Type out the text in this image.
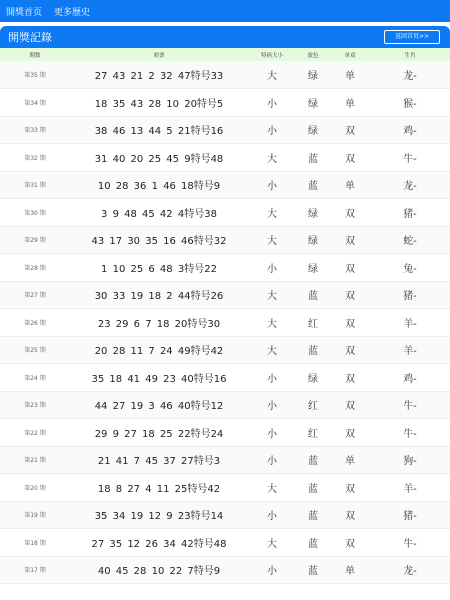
開獎首页 更多歷史
開獎記錄	返回首页>>
期数	彩票	特码大小	波色	单双	生肖
第35 期	27 43 21 2 32 47特号33	大	绿	单	龙-
第34 期	18 35 43 28 10 20特号5	小	绿	单	猴-
第33 期	38 46 13 44 5 21特号16	小	绿	双	鸡-
第32 期	31 40 20 25 45 9特号48	大	蓝	双	牛-
第31 期	10 28 36 1 46 18特号9	小	蓝	单	龙-
第30 期	3 9 48 45 42 4特号38	大	绿	双	猪-
第29 期	43 17 30 35 16 46特号32	大	绿	双	蛇-
第28 期	1 10 25 6 48 3特号22	小	绿	双	兔-
第27 期	30 33 19 18 2 44特号26	大	蓝	双	猪-
第26 期	23 29 6 7 18 20特号30	大	红	双	羊-
第25 期	20 28 11 7 24 49特号42	大	蓝	双	羊-
第24 期	35 18 41 49 23 40特号16	小	绿	双	鸡-
第23 期	44 27 19 3 46 40特号12	小	红	双	牛-
第22 期	29 9 27 18 25 22特号24	小	红	双	牛-
第21 期	21 41 7 45 37 27特号3	小	蓝	单	狗-
第20 期	18 8 27 4 11 25特号42	大	蓝	双	羊-
第19 期	35 34 19 12 9 23特号14	小	蓝	双	猪-
第18 期	27 35 12 26 34 42特号48	大	蓝	双	牛-
第17 期	40 45 28 10 22 7特号9	小	蓝	单	龙-
